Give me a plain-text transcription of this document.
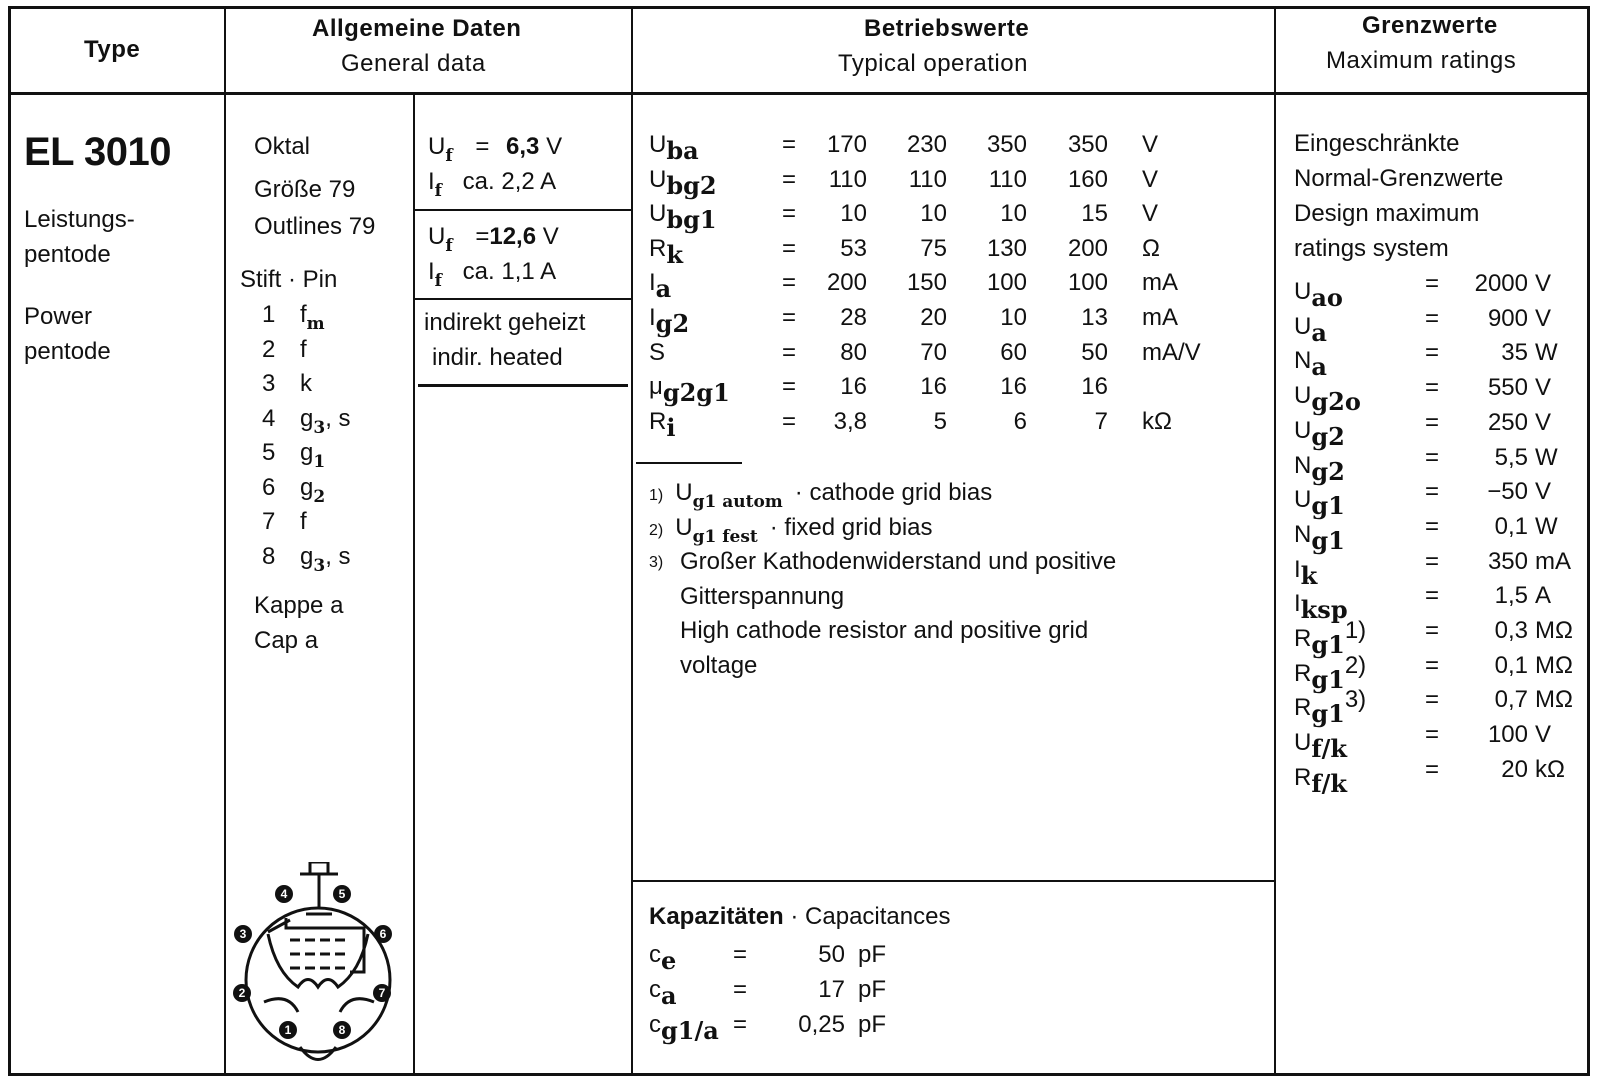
Type
Allgemeine Daten
General data
Betriebswerte
Typical operation
Grenzwerte
Maximum ratings
EL 3010
Leistungs-
pentode
Power
pentode
Oktal
Größe 79
Outlines 79
Stift · Pin
1 $f_m$
2 f
3 k
4 $g_3$, s
5 $g_1$
6 $g_2$
7 f
8 $g_3$, s
Kappe a
Cap a
$U_f = 6,3$ V
$I_f$ ca. 2,2 A
$U_f =12,6$ V
$I_f$ ca. 1,1 A
indirekt geheizt
indir. heated
Uba	= 170 230 350 350 V
Ubg2	= 110 110 110 160 V
Ubg1	= 10 10 10 15 V
Rk	= 53 75 130 200 Ω
Ia	= 200 150 100 100 mA
Ig2	= 28 20 10 13 mA
S	= 80 70 60 50 mA/V
μg2g1 = 16 16 16 16
Ri	= 3,8	5	6	7 kΩ
1) $U_{g1 autom}$ · cathode grid bias
2) $U_{g1 fest}$ · fixed grid bias
3) Großer Kathodenwiderstand und positive
Gitterspannung
High cathode resistor and positive grid
voltage
Kapazitäten · Capacitances
ce =	50 pF
ca =	17 pF
cg1/a = 0,25 pF
Eingeschränkte
Normal-Grenzwerte
Design maximum
ratings system
Uao	= 2000 V
Ua	= 900 V
Na	=	35 W
Ug2o	= 550 V
Ug2	= 250 V
Ng2	= 5,5 W
Ug1	= −50 V
Ng1	= 0,1 W
Ik	= 350 mA
Iksp	= 1,5 A
Rg11) = 0,3 MΩ
Rg12) = 0,1 MΩ
Rg13) = 0,7 MΩ
Uf/k	= 100 V
Rf/k	=	20 kΩ
4	5
3	6
2	7
1	8
